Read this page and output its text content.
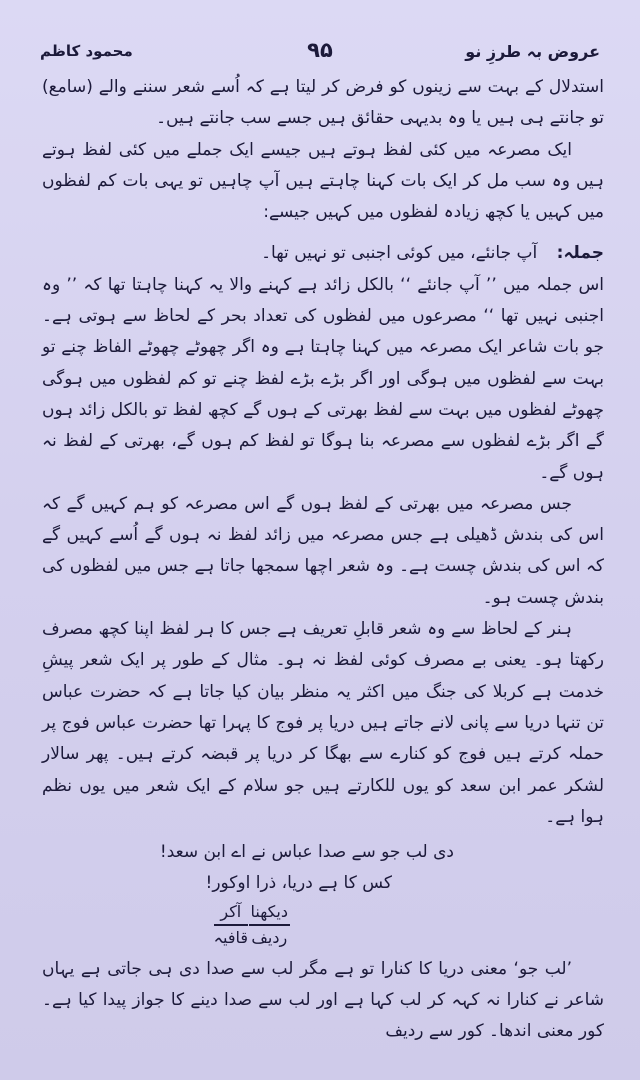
عروض بہ طرزِ نو
۹۵
محمود کاظم

استدلال کے بہت سے زینوں کو فرض کر لیتا ہے کہ اُسے شعر سننے والے (سامع) تو جانتے ہی ہیں یا وہ بدیہی حقائق ہیں جسے سب جانتے ہیں۔

ایک مصرعہ میں کئی لفظ ہوتے ہیں جیسے ایک جملے میں کئی لفظ ہوتے ہیں وہ سب مل کر ایک بات کہنا چاہتے ہیں آپ چاہیں تو یہی بات کم لفظوں میں کہیں یا کچھ زیادہ لفظوں میں کہیں جیسے:

جملہ: آپ جانئے، میں کوئی اجنبی تو نہیں تھا۔

اس جملہ میں ’’ آپ جانئے ‘‘ بالکل زائد ہے کہنے والا یہ کہنا چاہتا تھا کہ ’’ وہ اجنبی نہیں تھا ‘‘ مصرعوں میں لفظوں کی تعداد بحر کے لحاظ سے ہوتی ہے۔ جو بات شاعر ایک مصرعہ میں کہنا چاہتا ہے وہ اگر چھوٹے چھوٹے الفاظ چنے تو بہت سے لفظوں میں ہوگی اور اگر بڑے بڑے لفظ چنے تو کم لفظوں میں ہوگی چھوٹے لفظوں میں بہت سے لفظ بھرتی کے ہوں گے کچھ لفظ تو بالکل زائد ہوں گے اگر بڑے لفظوں سے مصرعہ بنا ہوگا تو لفظ کم ہوں گے، بھرتی کے لفظ نہ ہوں گے۔

جس مصرعہ میں بھرتی کے لفظ ہوں گے اس مصرعہ کو ہم کہیں گے کہ اس کی بندش ڈھیلی ہے جس مصرعہ میں زائد لفظ نہ ہوں گے اُسے کہیں گے کہ اس کی بندش چست ہے۔ وہ شعر اچھا سمجھا جاتا ہے جس میں لفظوں کی بندش چست ہو۔

ہنر کے لحاظ سے وہ شعر قابلِ تعریف ہے جس کا ہر لفظ اپنا کچھ مصرف رکھتا ہو۔ یعنی بے مصرف کوئی لفظ نہ ہو۔ مثال کے طور پر ایک شعر پیشِ خدمت ہے کربلا کی جنگ میں اکثر یہ منظر بیان کیا جاتا ہے کہ حضرت عباس تن تنہا دریا سے پانی لانے جاتے ہیں دریا پر فوج کا پہرا تھا حضرت عباس فوج پر حملہ کرتے ہیں فوج کو کنارے سے بھگا کر دریا پر قبضہ کرتے ہیں۔ پھر سالار لشکر عمر ابن سعد کو یوں للکارتے ہیں جو سلام کے ایک شعر میں یوں نظم ہوا ہے۔

دی لب جو سے صدا عباس نے اے ابن سعد!

کس کا ہے دریا، ذرا اوکور!

آکر
قافیہ
دیکھنا
ردیف

’لب جو‘ معنی دریا کا کنارا تو ہے مگر لب سے صدا دی ہی جاتی ہے یہاں شاعر نے کنارا نہ کہہ کر لب کہا ہے اور لب سے صدا دینے کا جواز پیدا کیا ہے۔ کور معنی اندھا۔ کور سے ردیف
